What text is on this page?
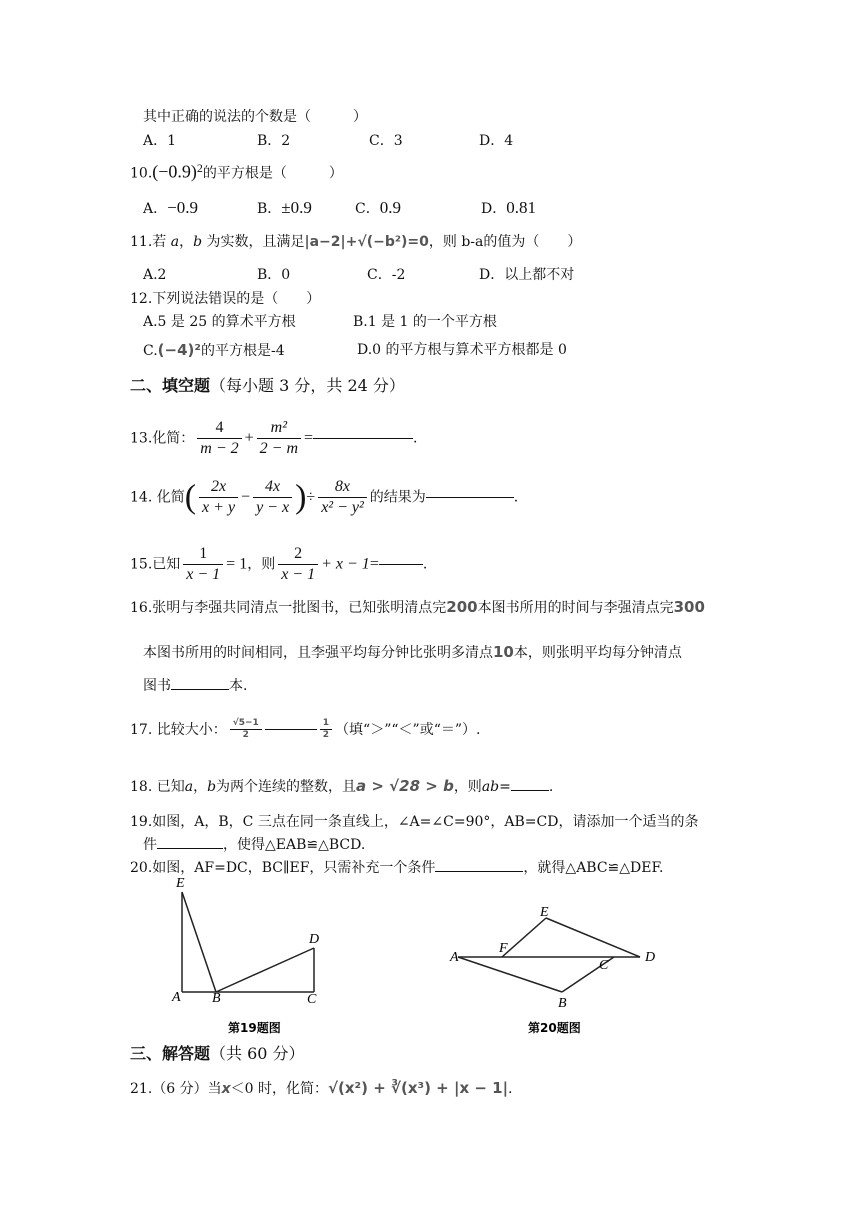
其中正确的说法的个数是（　　　）
A．1	B．2	C．3	D．4
$10.(-0.9)^2$的平方根是（　　　）
A．−0.9	B．±0.9	C．0.9	D．0.81
11.若 a，b 为实数，且满足|a−2|+√(−b²)=0，则 b-a的值为（　　）
A.2	B．0	C．-2	D．以上都不对
12.下列说法错误的是（　　）
A.5 是 25 的算术平方根	B.1 是 1 的一个平方根
C.(−4)²的平方根是-4	D.0 的平方根与算术平方根都是 0
二、填空题（每小题 3 分，共 24 分）
13.化简： $\frac{4}{m - 2} + \frac{\text{m²}}{2 - m}$ =	.
14. 化简( $\frac{2x}{x + y} - \frac{4x}{y - x}$ )÷ $\frac{8x}{\text{x² − y²}}$ 的结果为	.
15.已知 $\frac{1}{x - 1} = 1$，则 $\frac{2}{x - 1} + x - 1=$	.
16.张明与李强共同清点一批图书，已知张明清点完200本图书所用的时间与李强清点完300
本图书所用的时间相同，且李强平均每分钟比张明多清点10本，则张明平均每分钟清点
图书	本.
17. 比较大小： $\frac{√5-1}{2}$	$\frac{1}{2}$ （填“＞”“＜”或“＝”）.
18. 已知a，b为两个连续的整数，且a > √28 > b，则ab=	.
19.如图，A，B，C 三点在同一条直线上，∠A=∠C=90°，AB=CD，请添加一个适当的条
件	，使得△EAB≌△BCD.
20.如图，AF=DC，BC∥EF，只需补充一个条件	，就得△ABC≌△DEF.
E
D
A B	C
第19题图
E
F
A
C
D
B
第20题图
三、解答题（共 60 分）
21.（6 分）当x＜0 时，化简：√(x²) + ∛(x³) + |x − 1|.
